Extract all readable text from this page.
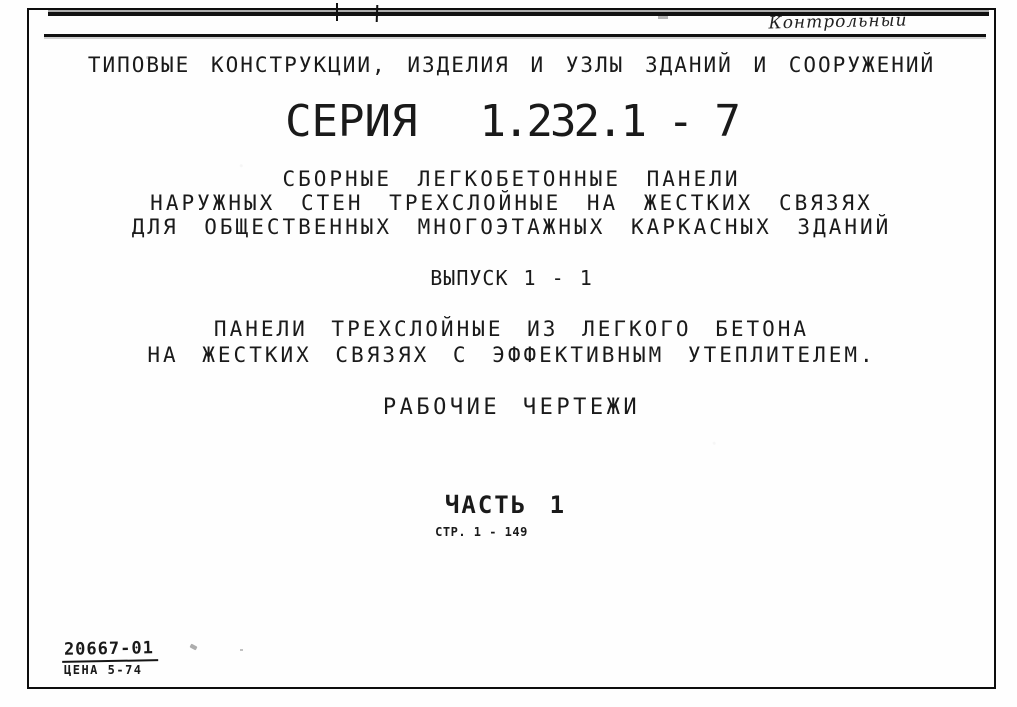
Контрольный
ТИПОВЫЕ КОНСТРУКЦИИ, ИЗДЕЛИЯ И УЗЛЫ ЗДАНИЙ И СООРУЖЕНИЙ
СЕРИЯ 1.232.1 - 7
СБОРНЫЕ ЛЕГКОБЕТОННЫЕ ПАНЕЛИ
НАРУЖНЫХ СТЕН ТРЕХСЛОЙНЫЕ НА ЖЕСТКИХ СВЯЗЯХ
ДЛЯ ОБЩЕСТВЕННЫХ МНОГОЭТАЖНЫХ КАРКАСНЫХ ЗДАНИЙ
ВЫПУСК 1 - 1
ПАНЕЛИ ТРЕХСЛОЙНЫЕ ИЗ ЛЕГКОГО БЕТОНА
НА ЖЕСТКИХ СВЯЗЯХ С ЭФФЕКТИВНЫМ УТЕПЛИТЕЛЕМ.
РАБОЧИЕ ЧЕРТЕЖИ
ЧАСТЬ 1
СТР. 1 - 149
20667-01
ЦЕНА 5-74
